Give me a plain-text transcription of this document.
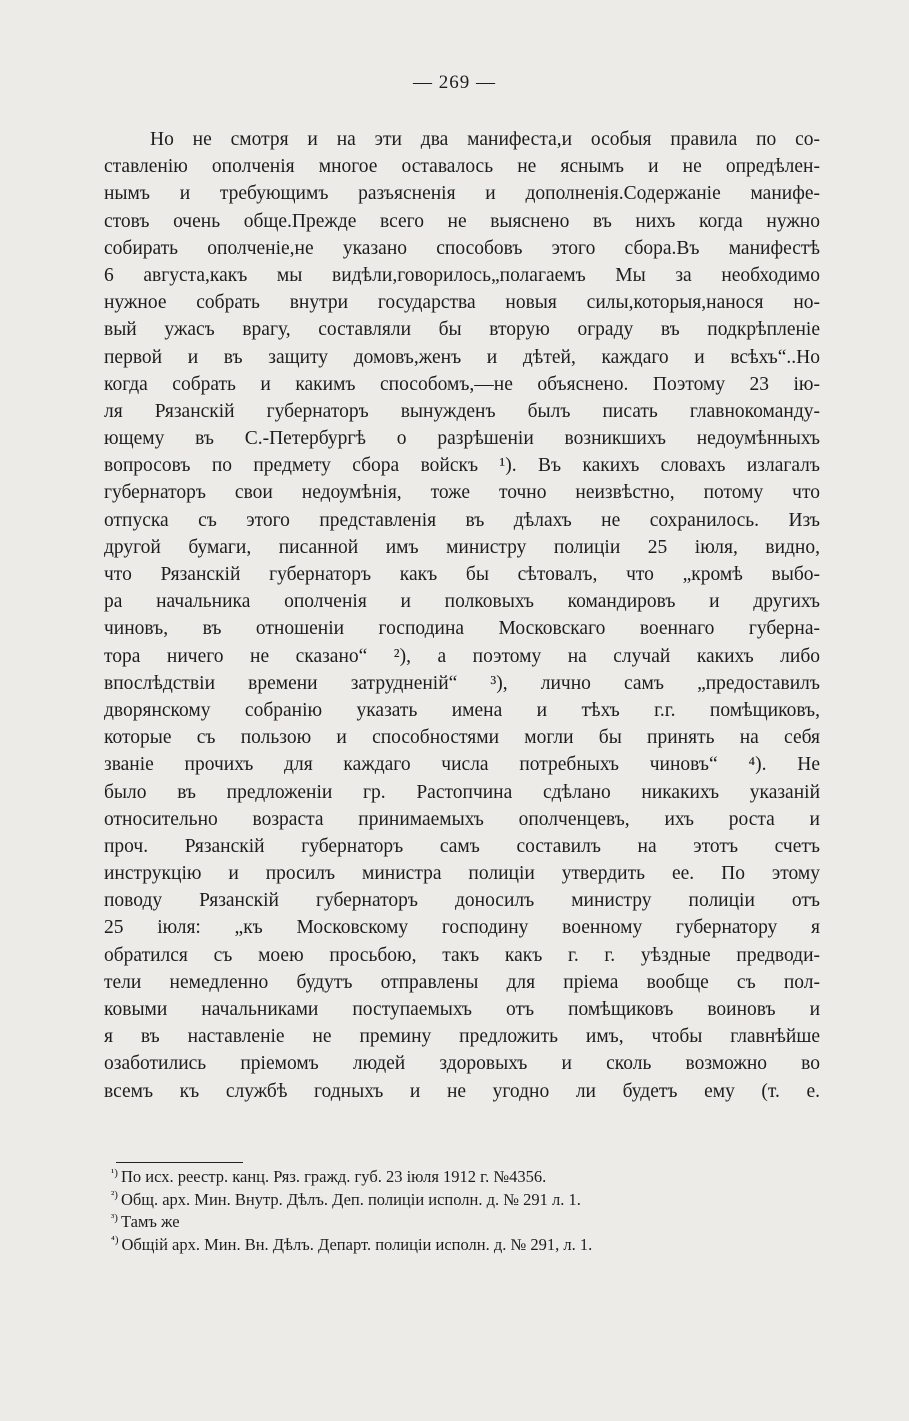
— 269 —
Но не смотря и на эти два манифеста,и особыя правила по со-
ставленію ополченія многое оставалось не яснымъ и не опредѣлен-
нымъ и требующимъ разъясненія и дополненія.Содержаніе манифе-
стовъ очень обще.Прежде всего не выяснено въ нихъ когда нужно
собирать ополченіе,не указано способовъ этого сбора.Въ манифестѣ
6 августа,какъ мы видѣли,говорилось„полагаемъ Мы за необходимо
нужное собрать внутри государства новыя силы,которыя,нанося но-
вый ужасъ врагу, составляли бы вторую ограду въ подкрѣпленіе
первой и въ защиту домовъ,женъ и дѣтей, каждаго и всѣхъ“..Но
когда собрать и какимъ способомъ,—не объяснено. Поэтому 23 ію-
ля Рязанскій губернаторъ вынужденъ былъ писать главнокоманду-
ющему въ С.-Петербургѣ о разрѣшеніи возникшихъ недоумѣнныхъ
вопросовъ по предмету сбора войскъ ¹). Въ какихъ словахъ излагалъ
губернаторъ свои недоумѣнія, тоже точно неизвѣстно, потому что
отпуска съ этого представленія въ дѣлахъ не сохранилось. Изъ
другой бумаги, писанной имъ министру полиціи 25 іюля, видно,
что Рязанскій губернаторъ какъ бы сѣтовалъ, что „кромѣ выбо-
ра начальника ополченія и полковыхъ командировъ и другихъ
чиновъ, въ отношеніи господина Московскаго военнаго губерна-
тора ничего не сказано“ ²), а поэтому на случай какихъ либо
впослѣдствіи времени затрудненій“ ³), лично самъ „предоставилъ
дворянскому собранію указать имена и тѣхъ г.г. помѣщиковъ,
которые съ пользою и способностями могли бы принять на себя
званіе прочихъ для каждаго числа потребныхъ чиновъ“ ⁴). Не
было въ предложеніи гр. Растопчина сдѣлано никакихъ указаній
относительно возраста принимаемыхъ ополченцевъ, ихъ роста и
проч. Рязанскій губернаторъ самъ составилъ на этотъ счетъ
инструкцію и просилъ министра полиціи утвердить ее. По этому
поводу Рязанскій губернаторъ доносилъ министру полиціи отъ
25 іюля: „къ Московскому господину военному губернатору я
обратился съ моею просьбою, такъ какъ г. г. уѣздные предводи-
тели немедленно будутъ отправлены для пріема вообще съ пол-
ковыми начальниками поступаемыхъ отъ помѣщиковъ воиновъ и
я въ наставленіе не премину предложить имъ, чтобы главнѣйше
озаботились пріемомъ людей здоровыхъ и сколь возможно во
всемъ къ службѣ годныхъ и не угодно ли будетъ ему (т. е.
$^{^1)}$ По исх. реестр. канц. Ряз. гражд. губ. 23 іюля 1912 г. №4356.
$^{^2)}$ Общ. арх. Мин. Внутр. Дѣлъ. Деп. полиціи исполн. д. № 291 л. 1.
$^{^3)}$ Тамъ же
$^{^4)}$ Общій арх. Мин. Вн. Дѣлъ. Департ. полиціи исполн. д. № 291, л. 1.
